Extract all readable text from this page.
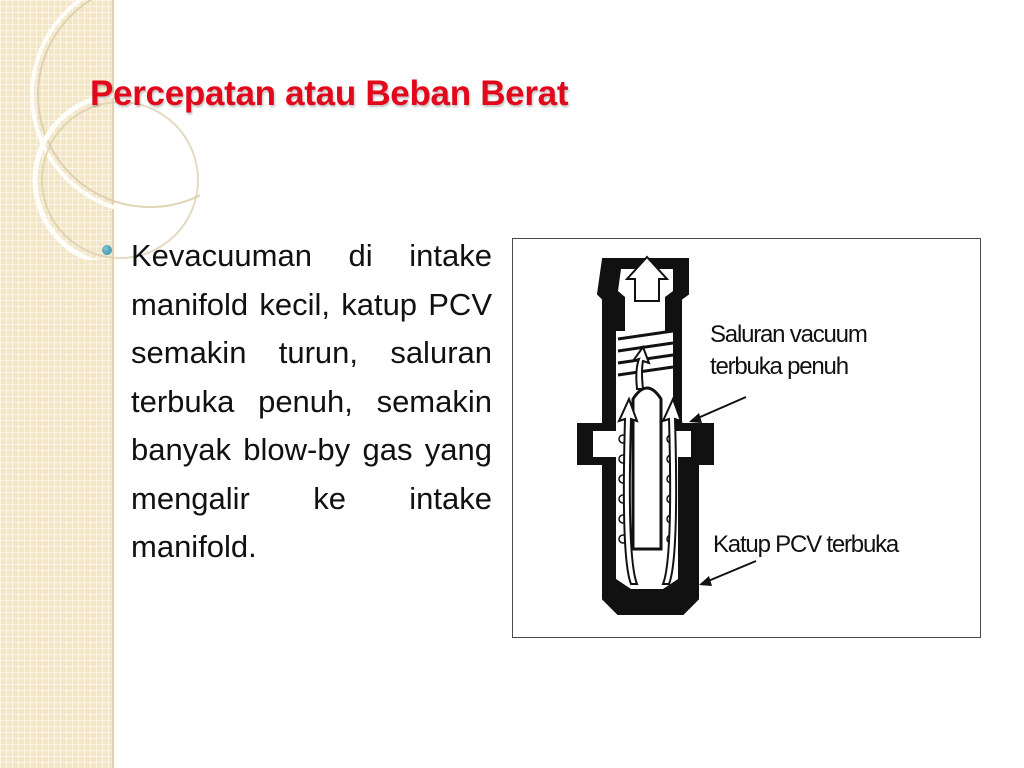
Percepatan atau Beban Berat
Kevacuuman di intake manifold kecil, katup PCV semakin turun, saluran terbuka penuh, semakin banyak blow-by gas yang mengalir ke intake manifold.
Saluran vacuum
terbuka penuh
Katup PCV terbuka
